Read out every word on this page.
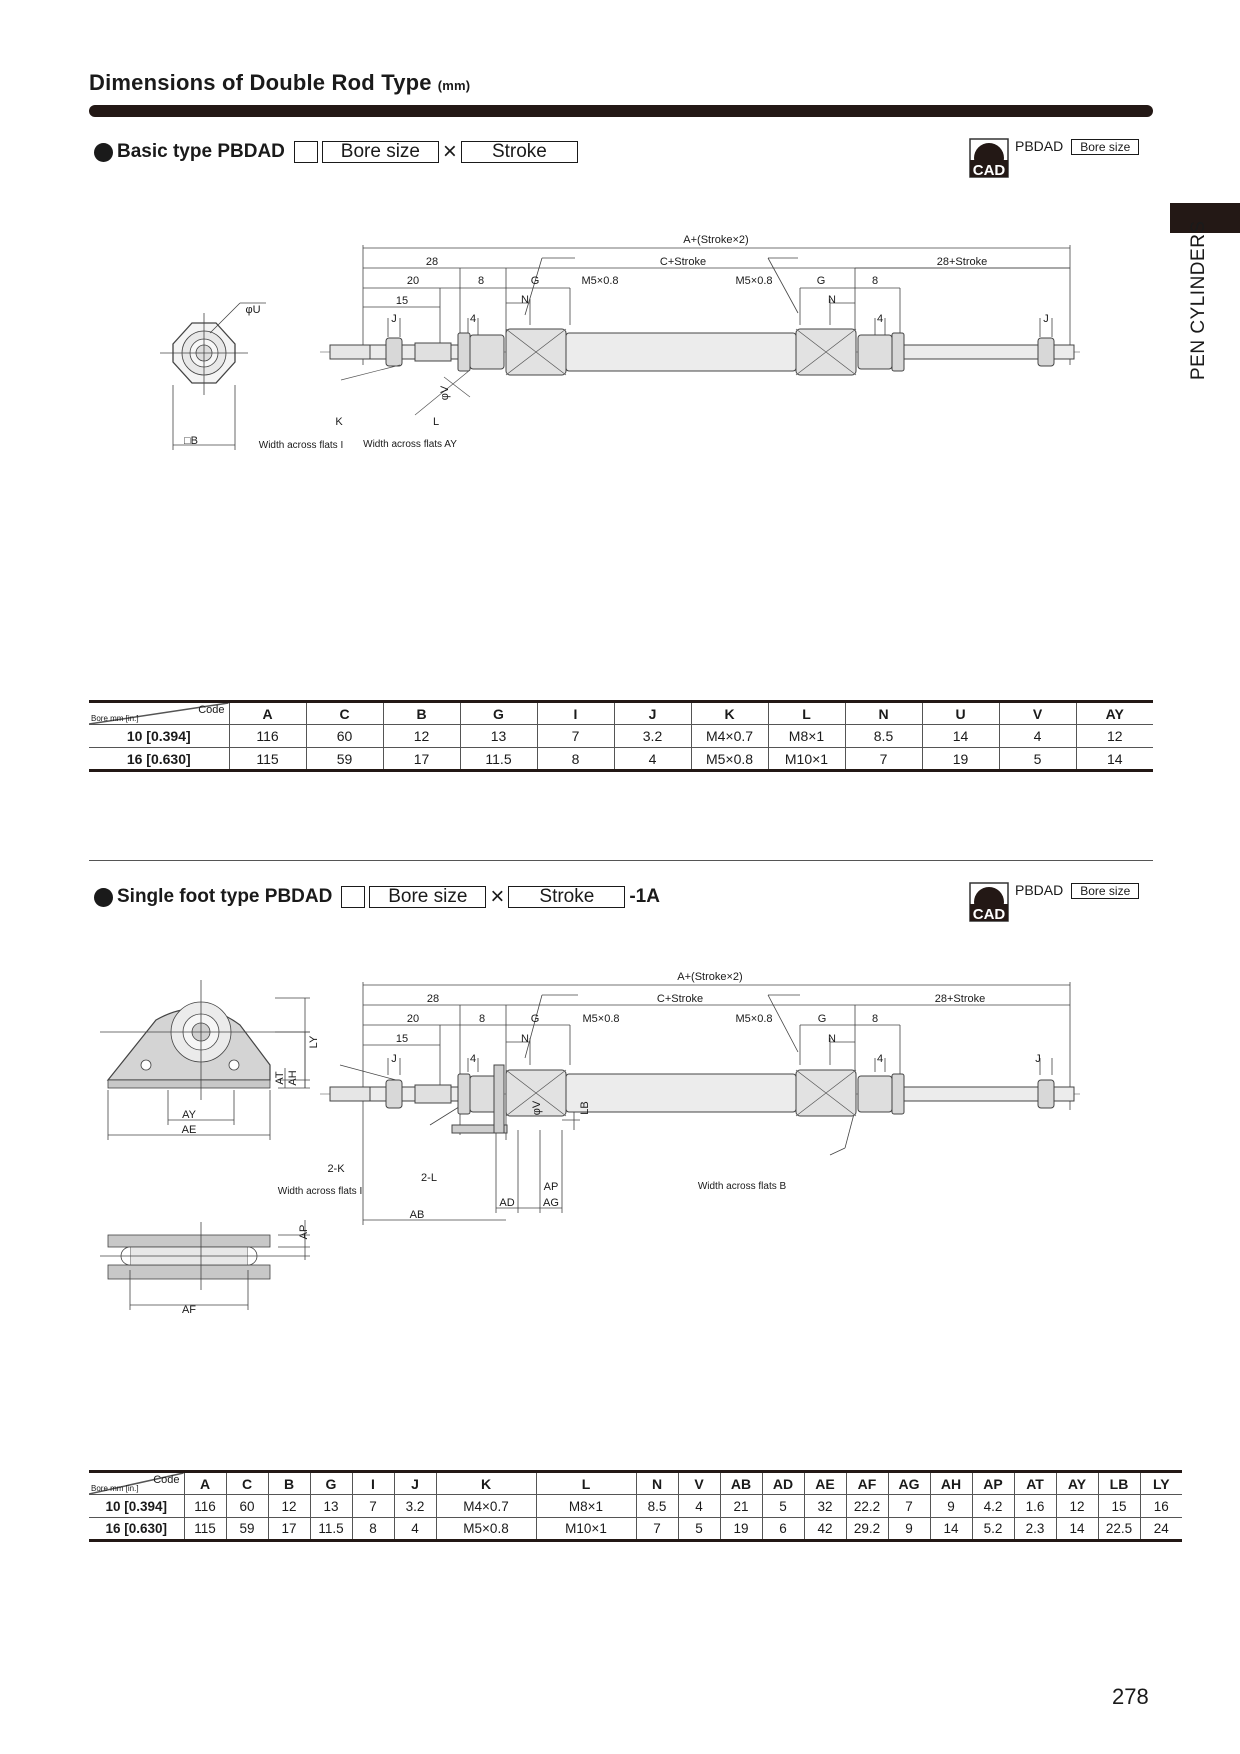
Dimensions of Double Rod Type (mm)
PEN CYLINDERS
Basic type PBDAD	Bore size ×	Stroke
CAD
PBDAD	Bore size
A+(Stroke×2)
28	C+Stroke	28+Stroke
20	8	G	M5×0.8	M5×0.8	G	8
15	N	N
J	4	4	J
φU
K	L
Width across flats I Width across flats AY
□B
φV
Code
Bore mm [in.]	A	C	B	G	I	J	K	L	N	U	V	AY
10 [0.394]	116	60	12	13	7	3.2	M4×0.7	M8×1	8.5	14	4	12
16 [0.630]	115	59	17	11.5	8	4	M5×0.8	M10×1	7	19	5	14
Single foot type PBDAD	Bore size ×	Stroke	-1A
CAD
PBDAD	Bore size
A+(Stroke×2)
28	C+Stroke	28+Stroke
20	8	G	M5×0.8	M5×0.8	G	8
15	N	N
J	4	4	J
2-K
2-L
Width across flats I	Width across flats B
AD	AG
AP
AB
AY
AE
AF
φV	LB
AT AH
LY
AP
Code
Bore mm [in.]	A	C	B	G	I	J	K	L	N	V	AB	AD	AE	AF	AG	AH	AP	AT	AY	LB	LY
10 [0.394]	116	60	12	13	7	3.2	M4×0.7	M8×1	8.5	4	21	5	32	22.2	7	9	4.2	1.6	12	15	16
16 [0.630]	115	59	17	11.5	8	4	M5×0.8	M10×1	7	5	19	6	42	29.2	9	14	5.2	2.3	14	22.5	24
278
